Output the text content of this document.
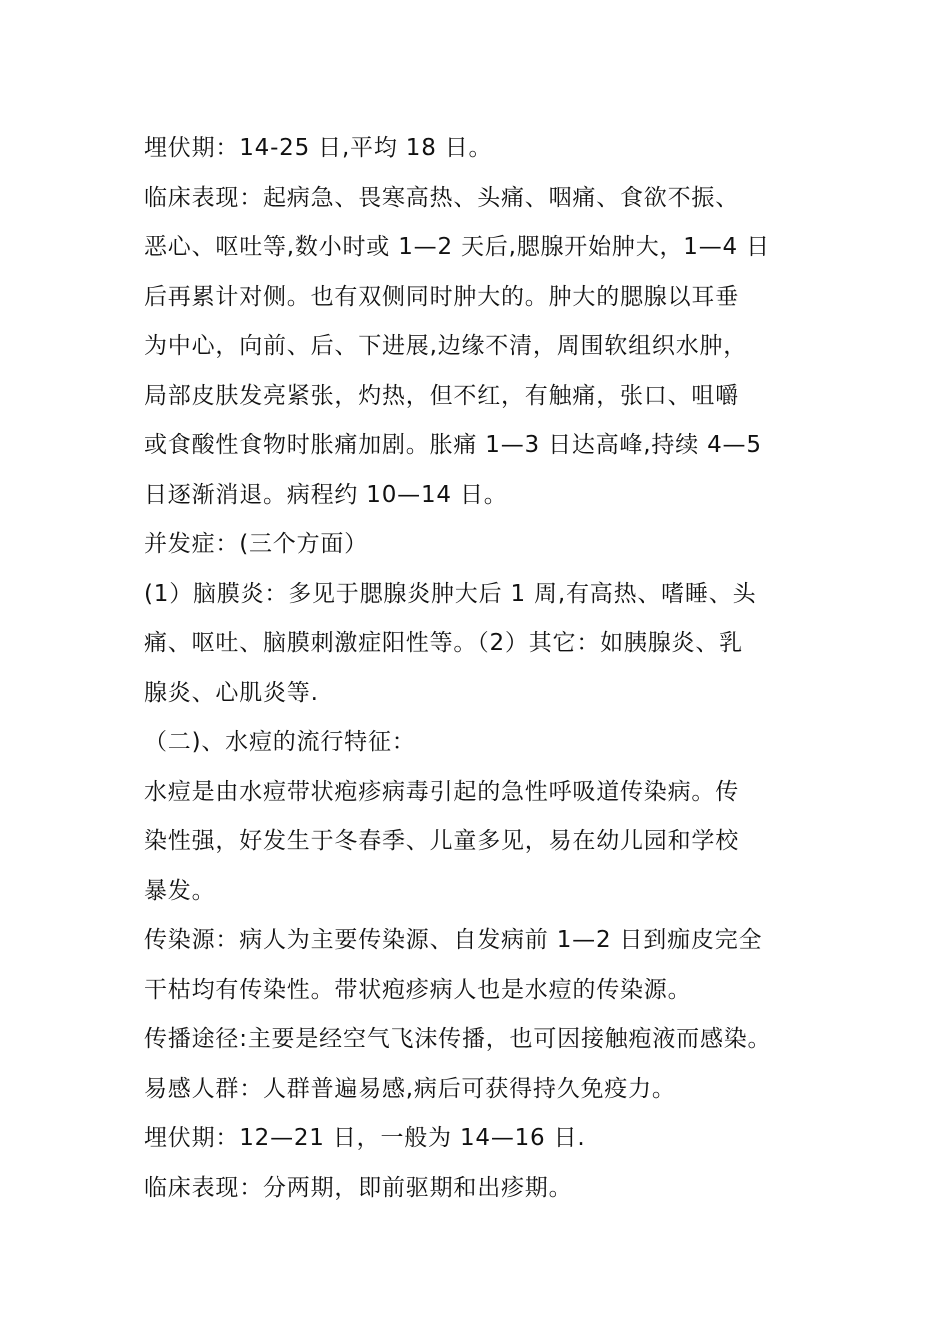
埋伏期：14-25 日,平均 18 日。
临床表现：起病急、畏寒高热、头痛、咽痛、食欲不振、
恶心、呕吐等,数小时或 1—2 天后,腮腺开始肿大，1—4 日
后再累计对侧。也有双侧同时肿大的。肿大的腮腺以耳垂
为中心，向前、后、下进展,边缘不清，周围软组织水肿，
局部皮肤发亮紧张，灼热，但不红，有触痛，张口、咀嚼
或食酸性食物时胀痛加剧。胀痛 1—3 日达高峰,持续 4—5
日逐渐消退。病程约 10—14 日。
并发症：(三个方面）
(1）脑膜炎：多见于腮腺炎肿大后 1 周,有高热、嗜睡、头
痛、呕吐、脑膜刺激症阳性等。（2）其它：如胰腺炎、乳
腺炎、心肌炎等.
（二)、水痘的流行特征：
水痘是由水痘带状疱疹病毒引起的急性呼吸道传染病。传
染性强，好发生于冬春季、儿童多见，易在幼儿园和学校
暴发。
传染源：病人为主要传染源、自发病前 1—2 日到痂皮完全
干枯均有传染性。带状疱疹病人也是水痘的传染源。
传播途径:主要是经空气飞沫传播，也可因接触疱液而感染。
易感人群：人群普遍易感,病后可获得持久免疫力。
埋伏期：12—21 日，一般为 14—16 日.
临床表现：分两期，即前驱期和出疹期。
